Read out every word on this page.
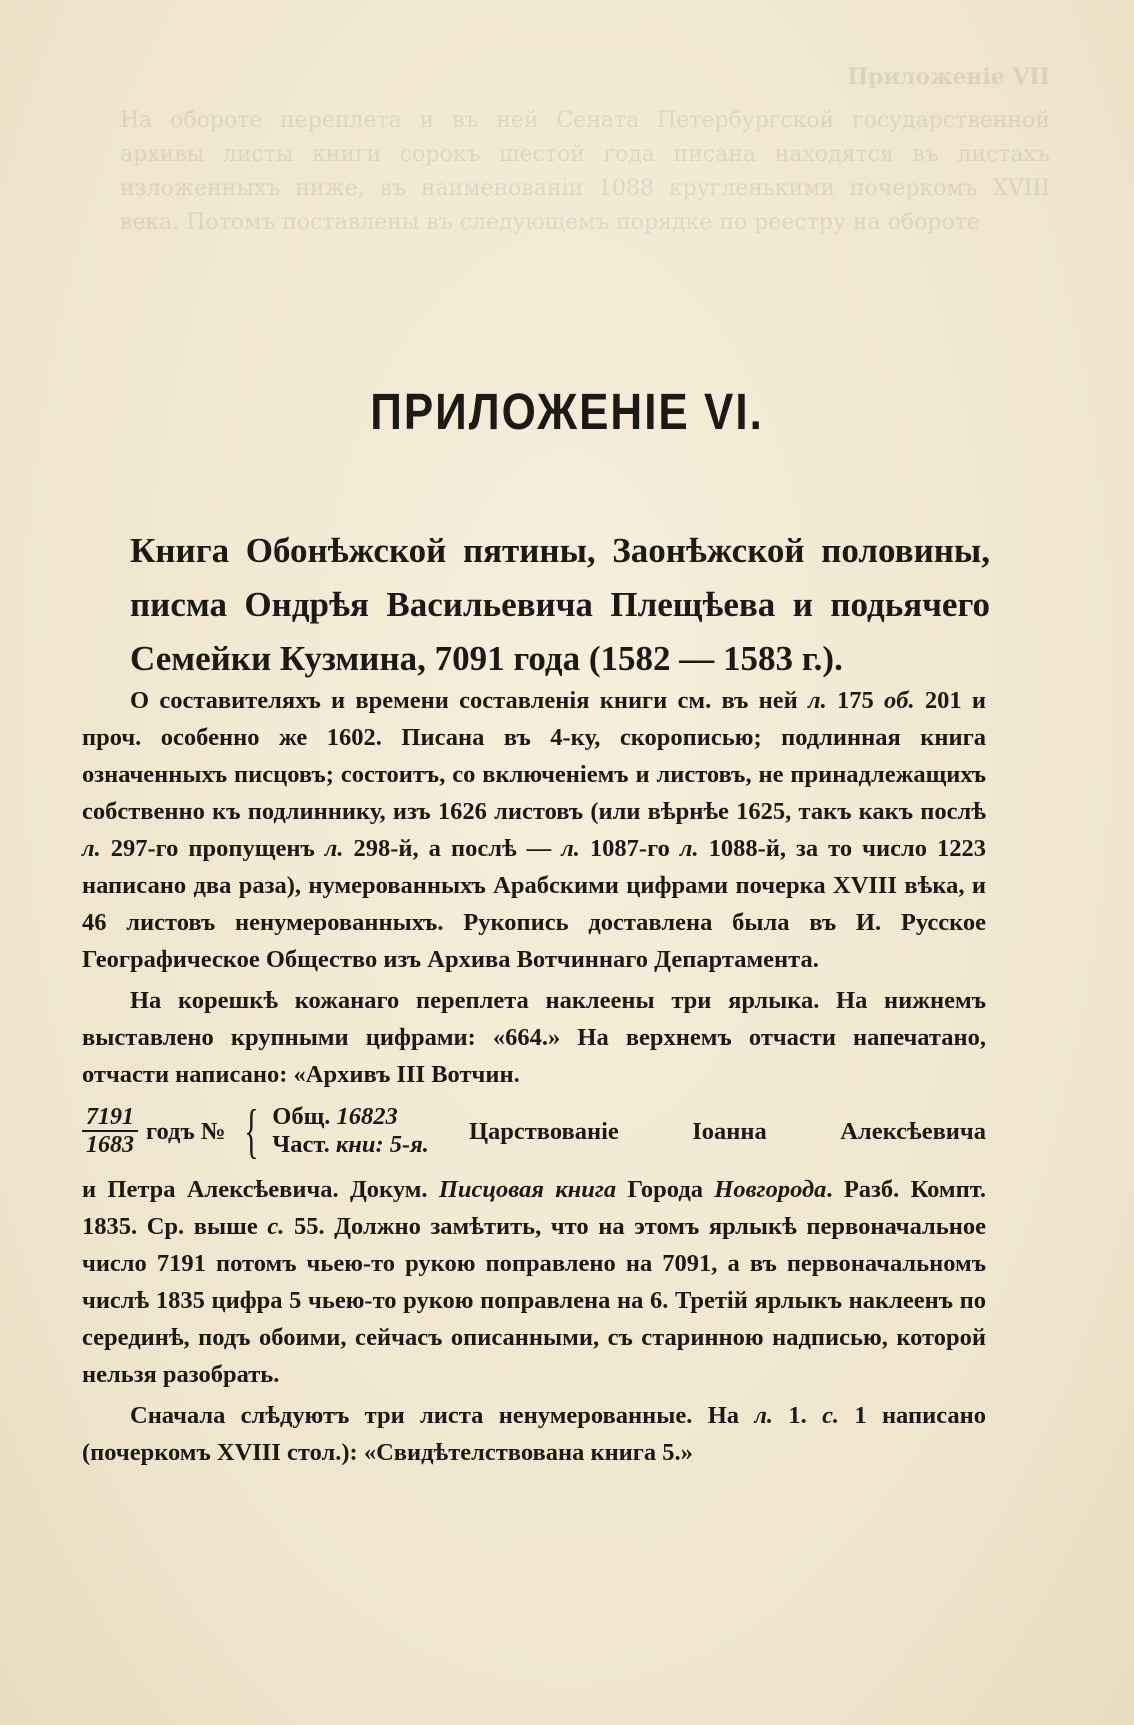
Приложеніе VII
На обороте переплета и въ ней Сената Петербургской государственной архивы листы книги сорокъ шестой года писана находятся въ листахъ изложенныхъ ниже, въ наименованіи 1088 кругленькими почеркомъ XVIII века. Потомъ поставлены въ следующемъ порядке по реестру на обороте
ПРИЛОЖЕНІЕ VI.
Книга Обонѣжской пятины, Заонѣжской половины, писма Ондрѣя Васильевича Плещѣева и подьячего Семейки Кузмина, 7091 года (1582 — 1583 г.).

О составителяхъ и времени составленія книги см. въ ней л. 175 об. 201 и проч. особенно же 1602. Писана въ 4-ку, скорописью; подлинная книга означенныхъ писцовъ; состоитъ, со включеніемъ и листовъ, не принадлежащихъ собственно къ подлиннику, изъ 1626 листовъ (или вѣрнѣе 1625, такъ какъ послѣ л. 297-го пропущенъ л. 298-й, а послѣ — л. 1087-го л. 1088-й, за то число 1223 написано два раза), нумерованныхъ Арабскими цифрами почерка XVIII вѣка, и 46 листовъ ненумерованныхъ. Рукопись доставлена была въ И. Русское Географическое Общество изъ Архива Вотчиннаго Департамента.

На корешкѣ кожанаго переплета наклеены три ярлыка. На нижнемъ выставлено крупными цифрами: «664.» На верхнемъ отчасти напечатано, отчасти написано: «Архивъ III Вотчин.

$\frac{7191}{1683}$ годъ № { Общ. 16823
Част. кни: 5-я. Царствованіе Іоанна Алексѣевича

и Петра Алексѣевича. Докум. Писцовая книга Города Новгорода. Разб. Компт. 1835. Ср. выше с. 55. Должно замѣтить, что на этомъ ярлыкѣ первоначальное число 7191 потомъ чьею-то рукою поправлено на 7091, а въ первоначальномъ числѣ 1835 цифра 5 чьею-то рукою поправлена на 6. Третій ярлыкъ наклеенъ по серединѣ, подъ обоими, сейчасъ описанными, съ старинною надписью, которой нельзя разобрать.

Сначала слѣдуютъ три листа ненумерованные. На л. 1. с. 1 написано (почеркомъ XVIII стол.): «Свидѣтелствована книга 5.»
